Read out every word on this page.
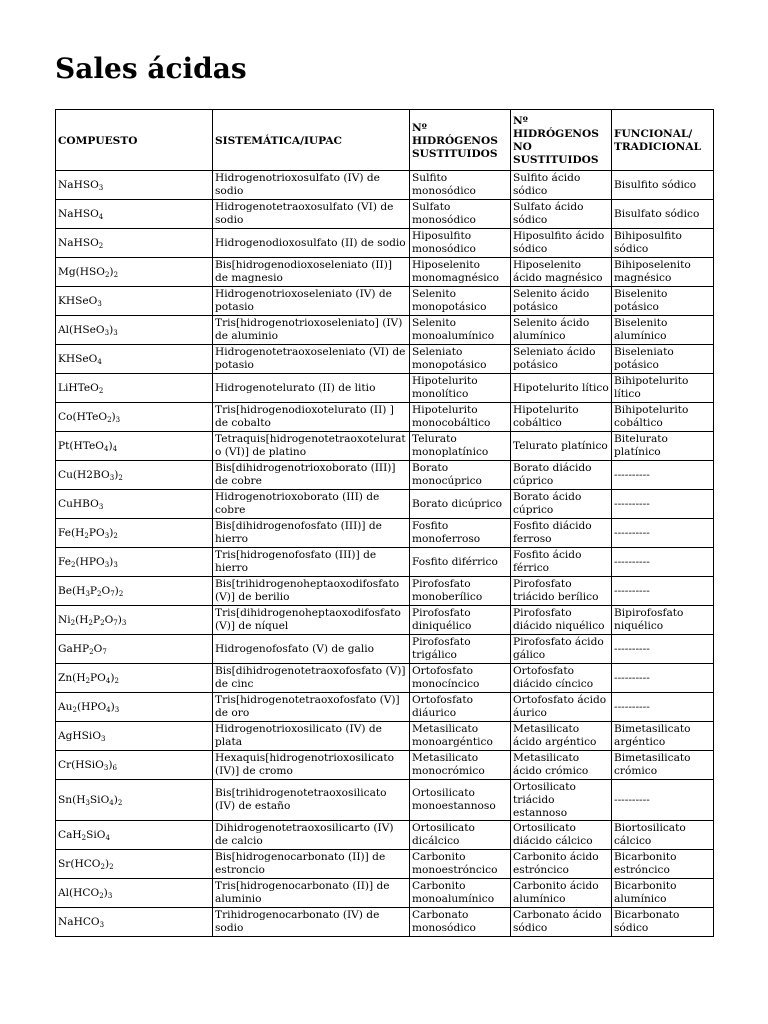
Sales ácidas
COMPUESTO	SISTEMÁTICA/IUPAC	Nº HIDRÓGENOS SUSTITUIDOS	Nº HIDRÓGENOS NO SUSTITUIDOS	FUNCIONAL/ TRADICIONAL
NaHSO$_3$	Hidrogenotrioxosulfato (IV) de sodio	Sulfito monosódico	Sulfito ácido sódico	Bisulfito sódico
NaHSO$_4$	Hidrogenotetraoxosulfato (VI) de sodio	Sulfato monosódico	Sulfato ácido sódico	Bisulfato sódico
NaHSO$_2$	Hidrogenodioxosulfato (II) de sodio	Hiposulfito monosódico	Hiposulfito ácido sódico	Bihiposulfito sódico
$Mg(HSO_2)_2$	Bis[hidrogenodioxoseleniato (II)] de magnesio	Hiposelenito monomagnésico	Hiposelenito ácido magnésico	Bihiposelenito magnésico
KHSeO$_3$	Hidrogenotrioxoseleniato (IV) de potasio	Selenito monopotásico	Selenito ácido potásico	Biselenito potásico
$Al(HSeO_3)_3$	Tris[hidrogenotrioxoseleniato] (IV) de aluminio	Selenito monoalumínico	Selenito ácido alumínico	Biselenito alumínico
KHSeO$_4$	Hidrogenotetraoxoseleniato (VI) de potasio	Seleniato monopotásico	Seleniato ácido potásico	Biseleniato potásico
LiHTeO$_2$	Hidrogenotelurato (II) de litio	Hipotelurito monolítico	Hipotelurito lítico	Bihipotelurito lítico
$Co(HTeO_2)_3$	Tris[hidrogenodioxotelurato (II) ] de cobalto	Hipotelurito monocobáltico	Hipotelurito cobáltico	Bihipotelurito cobáltico
$Pt(HTeO_4)_4$	Tetraquis[hidrogenotetraoxotelurato (VI)] de platino	Telurato monoplatínico	Telurato platínico	Bitelurato platínico
$Cu(H2BO_3)_2$	Bis[dihidrogenotrioxoborato (III)] de cobre	Borato monocúprico	Borato diácido cúprico	----------
CuHBO$_3$	Hidrogenotrioxoborato (III) de cobre	Borato dicúprico	Borato ácido cúprico	----------
$Fe(H_2PO_3)_2$	Bis[dihidrogenofosfato (III)] de hierro	Fosfito monoferroso	Fosfito diácido ferroso	----------
$Fe_2(HPO_3)_3$	Tris[hidrogenofosfato (III)] de hierro	Fosfito diférrico	Fosfito ácido férrico	----------
$Be(H_3P_2O_7)_2$	Bis[trihidrogenoheptaoxodifosfato (V)] de berilio	Pirofosfato monoberílico	Pirofosfato triácido berílico	----------
$Ni_2(H_2P_2O_7)_3$	Tris[dihidrogenoheptaoxodifosfato (V)] de níquel	Pirofosfato diniquélico	Pirofosfato diácido niquélico	Bipirofosfato niquélico
$GaHP_2O_7$	Hidrogenofosfato (V) de galio	Pirofosfato trigálico	Pirofosfato ácido gálico	----------
$Zn(H_2PO_4)_2$	Bis[dihidrogenotetraoxofosfato (V)] de cinc	Ortofosfato monocíncico	Ortofosfato diácido cíncico	----------
$Au_2(HPO_4)_3$	Tris[hidrogenotetraoxofosfato (V)] de oro	Ortofosfato diáurico	Ortofosfato ácido áurico	----------
AgHSiO$_3$	Hidrogenotrioxosilicato (IV) de plata	Metasilicato monoargéntico	Metasilicato ácido argéntico	Bimetasilicato argéntico
$Cr(HSiO_3)_6$	Hexaquis[hidrogenotrioxosilicato (IV)] de cromo	Metasilicato monocrómico	Metasilicato ácido crómico	Bimetasilicato crómico
$Sn(H_3SiO_4)_2$	Bis[trihidrogenotetraoxosilicato (IV) de estaño	Ortosilicato monoestannoso	Ortosilicato triácido estannoso	----------
CaH$_2$SiO$_4$	Dihidrogenotetraoxosilicarto (IV) de calcio	Ortosilicato dicálcico	Ortosilicato diácido cálcico	Biortosilicato cálcico
$Sr(HCO_2)_2$	Bis[hidrogenocarbonato (II)] de estroncio	Carbonito monoestróncico	Carbonito ácido estróncico	Bicarbonito estróncico
$Al(HCO_2)_3$	Tris[hidrogenocarbonato (II)] de aluminio	Carbonito monoalumínico	Carbonito ácido alumínico	Bicarbonito alumínico
NaHCO$_3$	Trihidrogenocarbonato (IV) de sodio	Carbonato monosódico	Carbonato ácido sódico	Bicarbonato sódico
